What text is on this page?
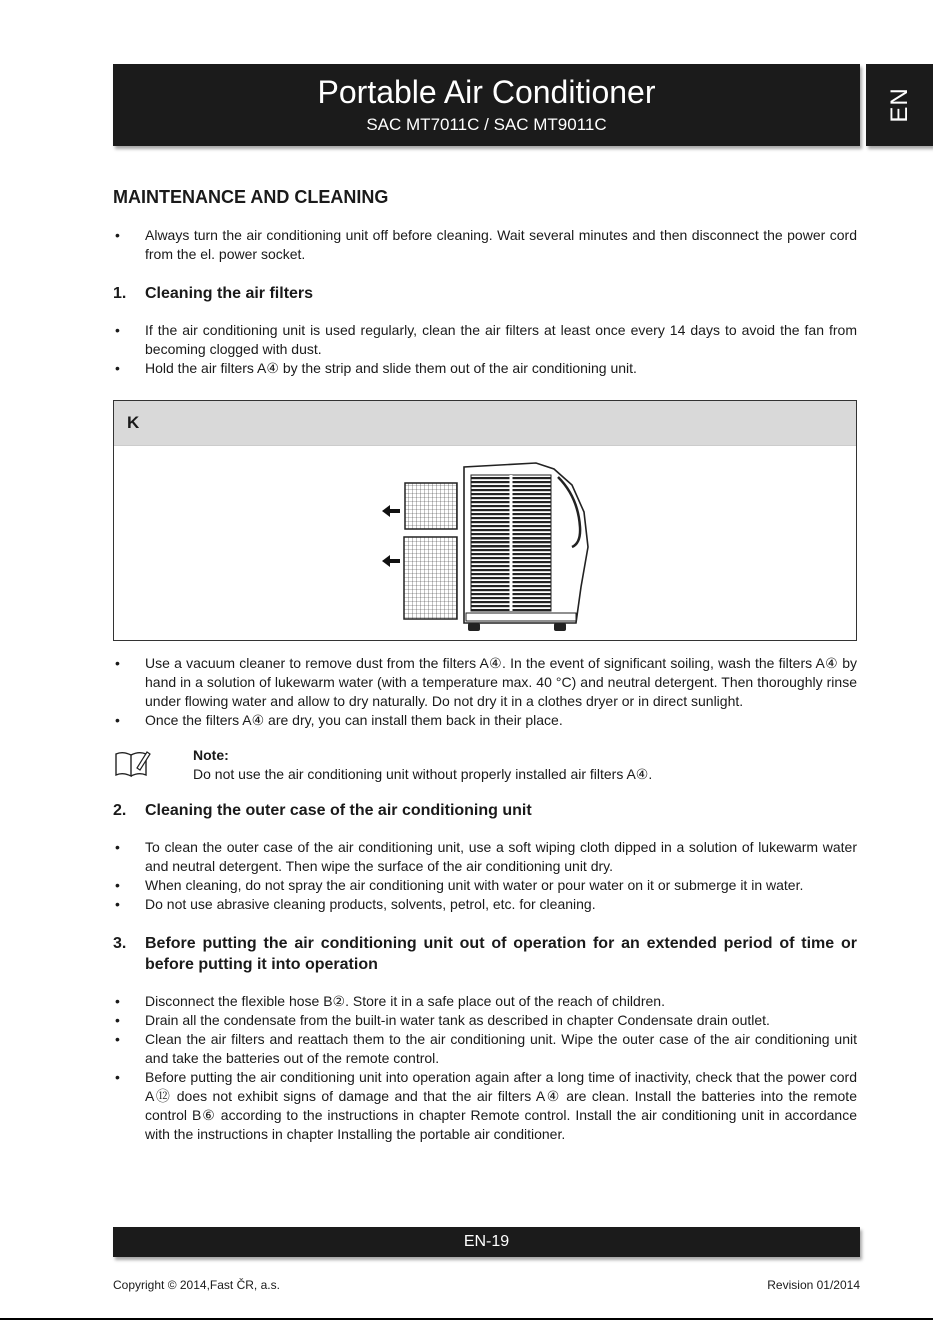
Portable Air Conditioner
SAC MT7011C / SAC MT9011C
EN
MAINTENANCE AND CLEANING
• Always turn the air conditioning unit off before cleaning. Wait several minutes and then disconnect the power cord from the el. power socket.
1. Cleaning the air filters
• If the air conditioning unit is used regularly, clean the air filters at least once every 14 days to avoid the fan from becoming clogged with dust.
• Hold the air filters A④ by the strip and slide them out of the air conditioning unit.
K
• Use a vacuum cleaner to remove dust from the filters A④. In the event of significant soiling, wash the filters A④ by hand in a solution of lukewarm water (with a temperature max. 40 °C) and neutral detergent. Then thoroughly rinse under flowing water and allow to dry naturally. Do not dry it in a clothes dryer or in direct sunlight.
• Once the filters A④ are dry, you can install them back in their place.
Note:
Do not use the air conditioning unit without properly installed air filters A④.
2. Cleaning the outer case of the air conditioning unit
• To clean the outer case of the air conditioning unit, use a soft wiping cloth dipped in a solution of lukewarm water and neutral detergent. Then wipe the surface of the air conditioning unit dry.
• When cleaning, do not spray the air conditioning unit with water or pour water on it or submerge it in water.
• Do not use abrasive cleaning products, solvents, petrol, etc. for cleaning.
3. Before putting the air conditioning unit out of operation for an extended period of time or before putting it into operation
• Disconnect the flexible hose B②. Store it in a safe place out of the reach of children.
• Drain all the condensate from the built-in water tank as described in chapter Condensate drain outlet.
• Clean the air filters and reattach them to the air conditioning unit. Wipe the outer case of the air conditioning unit and take the batteries out of the remote control.
• Before putting the air conditioning unit into operation again after a long time of inactivity, check that the power cord A⑫ does not exhibit signs of damage and that the air filters A④ are clean. Install the batteries into the remote control B⑥ according to the instructions in chapter Remote control. Install the air conditioning unit in accordance with the instructions in chapter Installing the portable air conditioner.
EN-19
Copyright © 2014,Fast ČR, a.s.	Revision 01/2014
